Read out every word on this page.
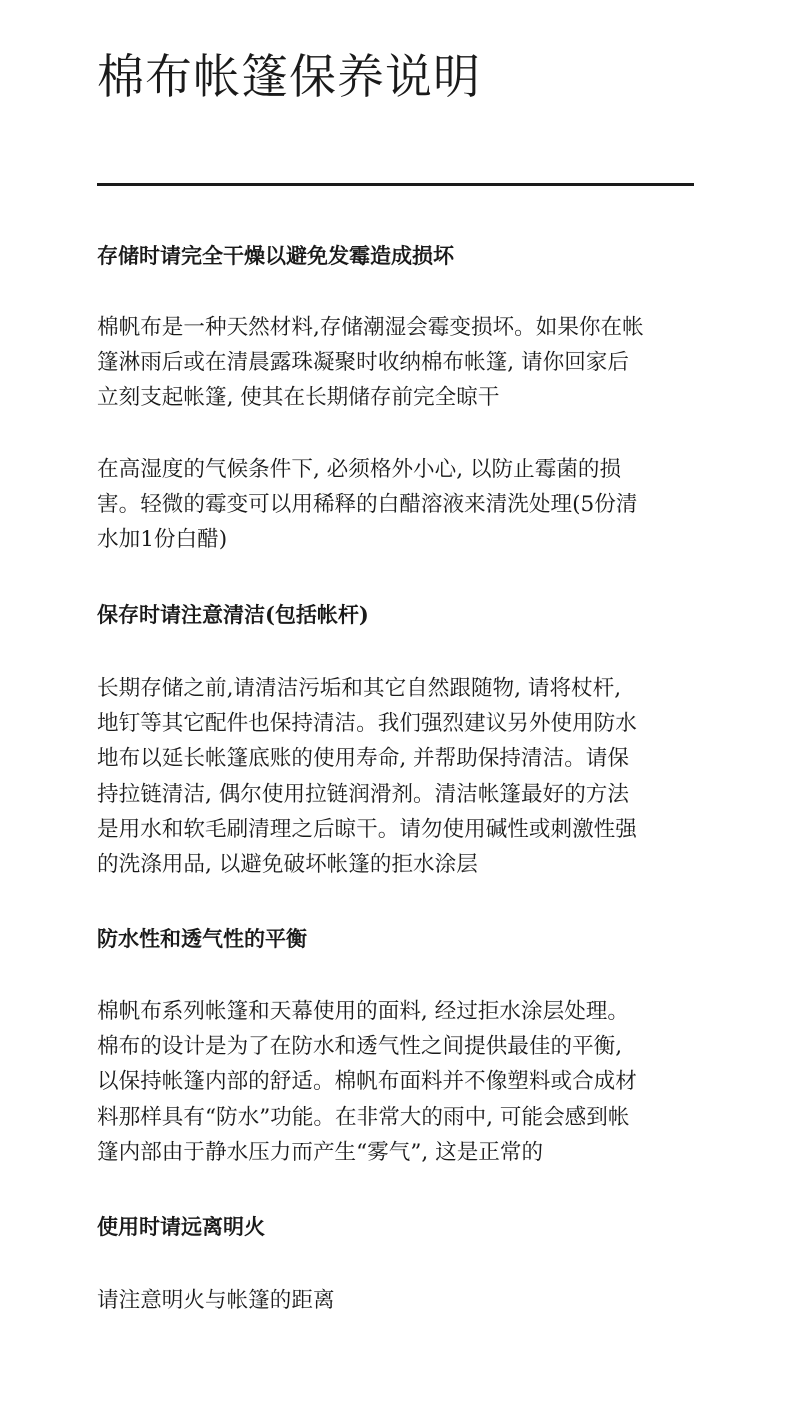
棉布帐篷保养说明
存储时请完全干燥以避免发霉造成损坏

棉帆布是一种天然材料,存储潮湿会霉变损坏。如果你在帐
篷淋雨后或在清晨露珠凝聚时收纳棉布帐篷, 请你回家后
立刻支起帐篷, 使其在长期储存前完全晾干

在高湿度的气候条件下, 必须格外小心, 以防止霉菌的损
害。轻微的霉变可以用稀释的白醋溶液来清洗处理(5份清
水加1份白醋)

保存时请注意清洁(包括帐杆)

长期存储之前,请清洁污垢和其它自然跟随物, 请将杖杆,
地钉等其它配件也保持清洁。我们强烈建议另外使用防水
地布以延长帐篷底账的使用寿命, 并帮助保持清洁。请保
持拉链清洁, 偶尔使用拉链润滑剂。清洁帐篷最好的方法
是用水和软毛刷清理之后晾干。请勿使用碱性或刺激性强
的洗涤用品, 以避免破坏帐篷的拒水涂层

防水性和透气性的平衡

棉帆布系列帐篷和天幕使用的面料, 经过拒水涂层处理。
棉布的设计是为了在防水和透气性之间提供最佳的平衡,
以保持帐篷内部的舒适。棉帆布面料并不像塑料或合成材
料那样具有“防水”功能。在非常大的雨中, 可能会感到帐
篷内部由于静水压力而产生“雾气”, 这是正常的

使用时请远离明火

请注意明火与帐篷的距离
